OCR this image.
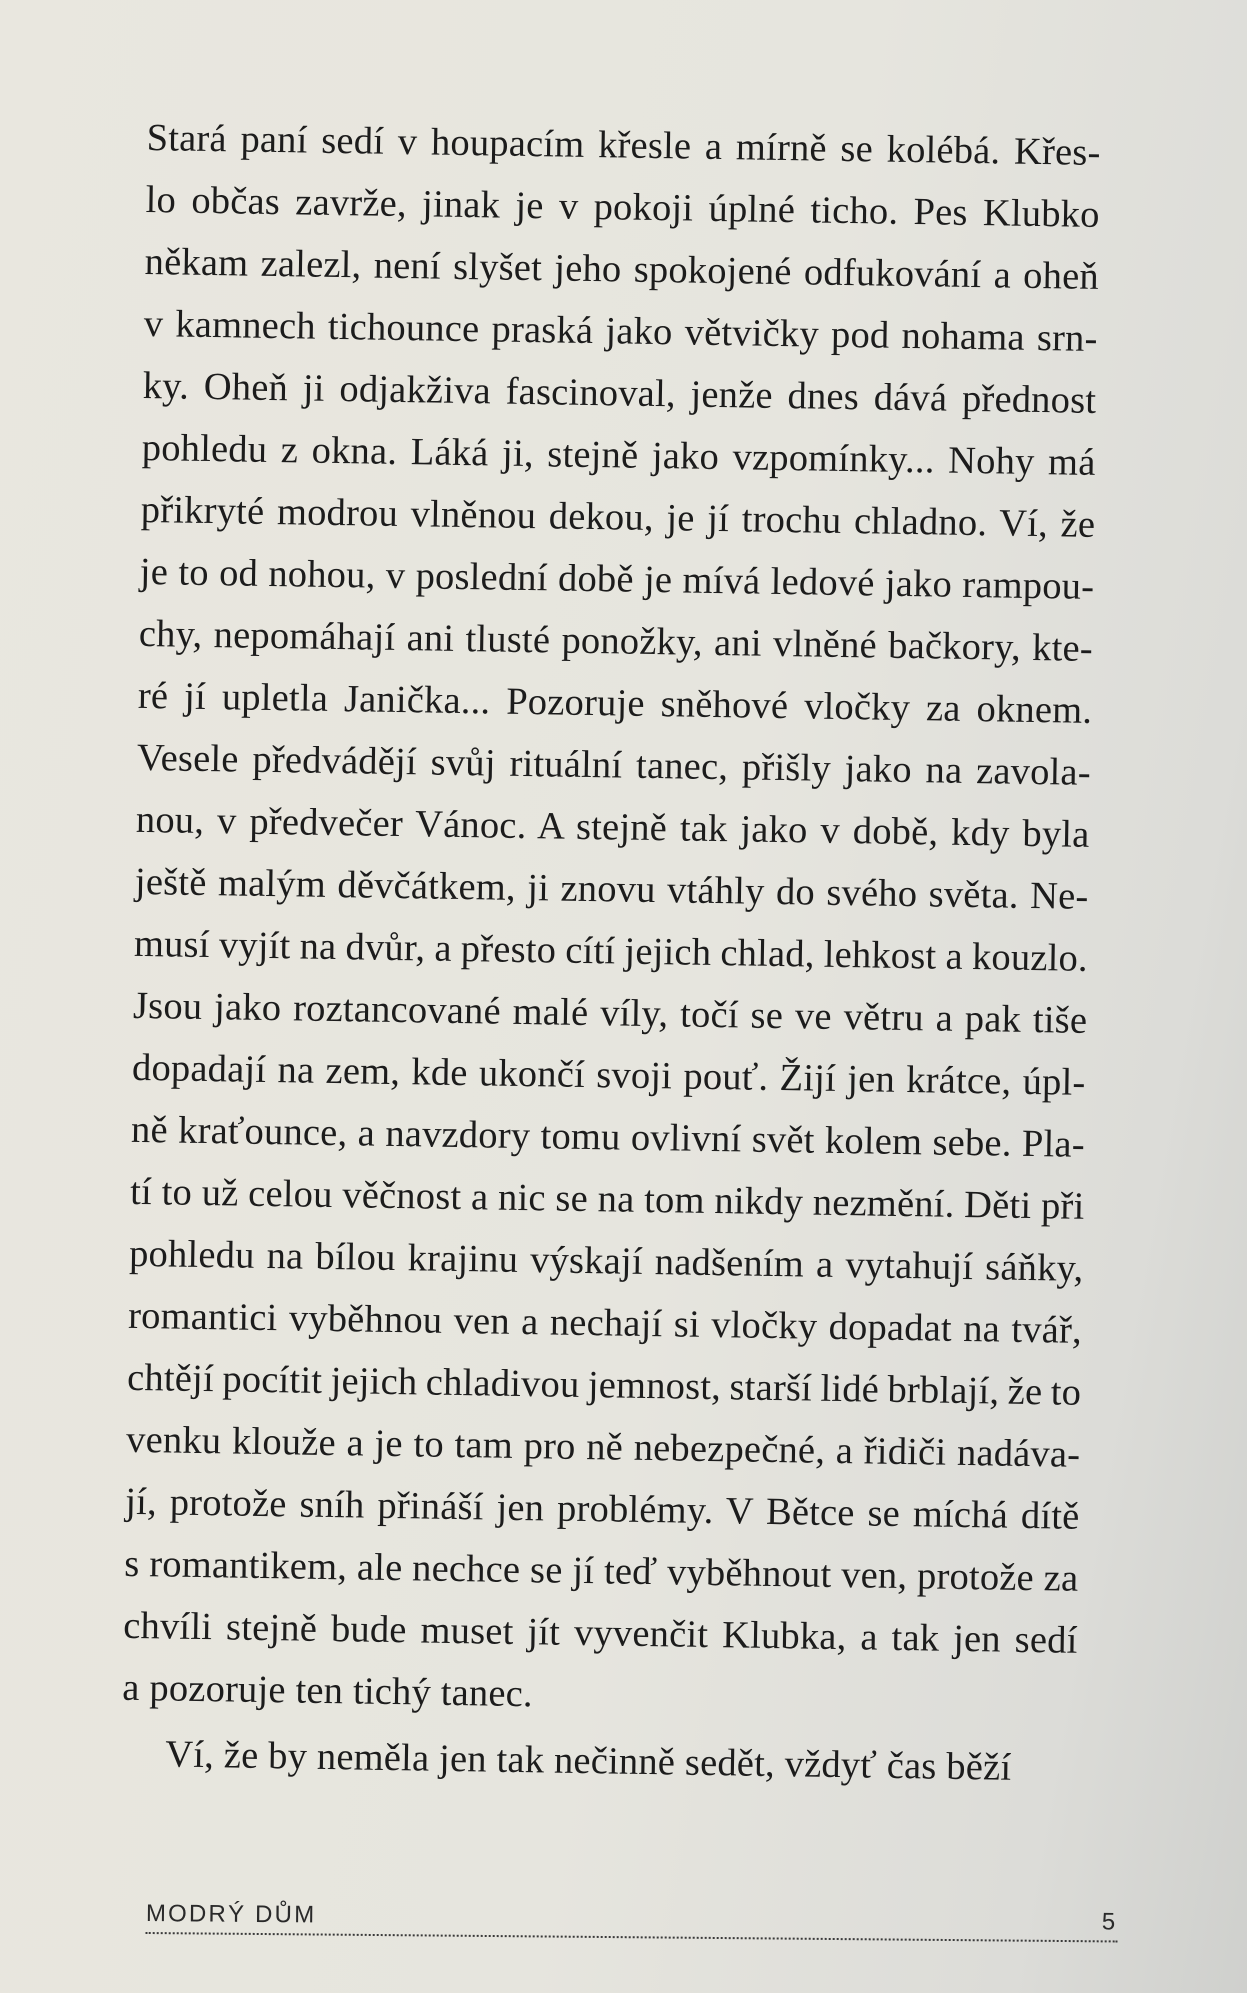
Stará paní sedí v houpacím křesle a mírně se kolébá. Křes-
lo občas zavrže, jinak je v pokoji úplné ticho. Pes Klubko
někam zalezl, není slyšet jeho spokojené odfukování a oheň
v kamnech tichounce praská jako větvičky pod nohama srn-
ky. Oheň ji odjakživa fascinoval, jenže dnes dává přednost
pohledu z okna. Láká ji, stejně jako vzpomínky... Nohy má
přikryté modrou vlněnou dekou, je jí trochu chladno. Ví, že
je to od nohou, v poslední době je mívá ledové jako rampou-
chy, nepomáhají ani tlusté ponožky, ani vlněné bačkory, kte-
ré jí upletla Janička... Pozoruje sněhové vločky za oknem.
Vesele předvádějí svůj rituální tanec, přišly jako na zavola-
nou, v předvečer Vánoc. A stejně tak jako v době, kdy byla
ještě malým děvčátkem, ji znovu vtáhly do svého světa. Ne-
musí vyjít na dvůr, a přesto cítí jejich chlad, lehkost a kouzlo.
Jsou jako roztancované malé víly, točí se ve větru a pak tiše
dopadají na zem, kde ukončí svoji pouť. Žijí jen krátce, úpl-
ně kraťounce, a navzdory tomu ovlivní svět kolem sebe. Pla-
tí to už celou věčnost a nic se na tom nikdy nezmění. Děti při
pohledu na bílou krajinu výskají nadšením a vytahují sáňky,
romantici vyběhnou ven a nechají si vločky dopadat na tvář,
chtějí pocítit jejich chladivou jemnost, starší lidé brblají, že to
venku klouže a je to tam pro ně nebezpečné, a řidiči nadáva-
jí, protože sníh přináší jen problémy. V Bětce se míchá dítě
s romantikem, ale nechce se jí teď vyběhnout ven, protože za
chvíli stejně bude muset jít vyvenčit Klubka, a tak jen sedí
a pozoruje ten tichý tanec.
Ví, že by neměla jen tak nečinně sedět, vždyť čas běží
MODRÝ DŮM	5
